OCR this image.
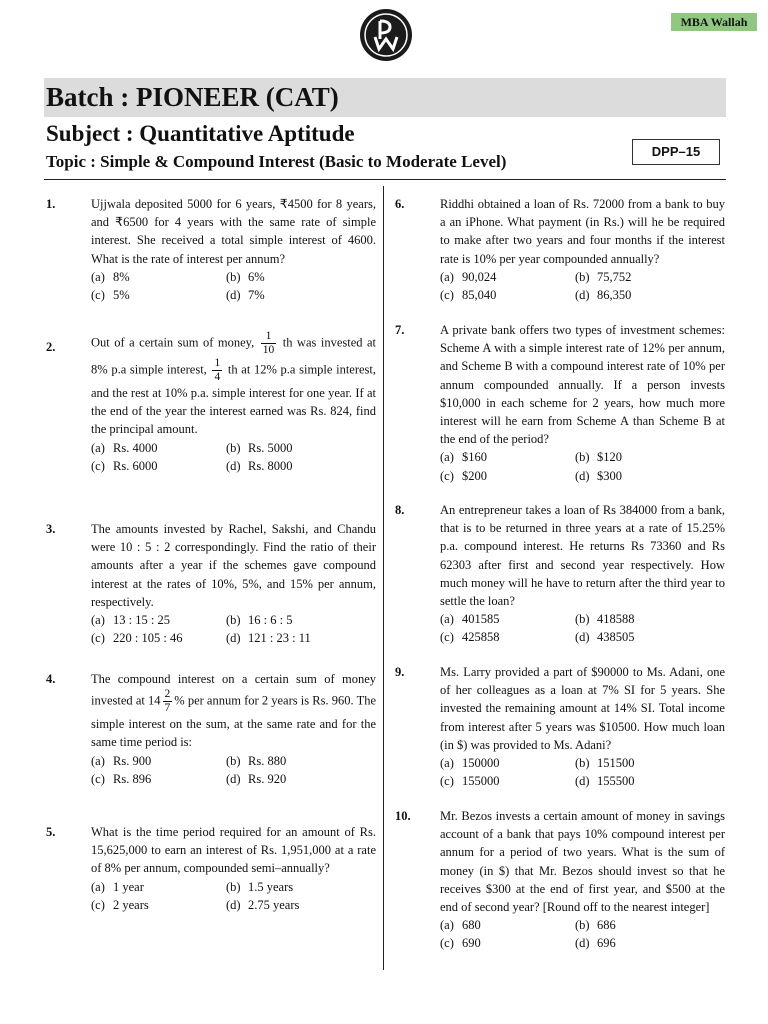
MBA Wallah
Batch : PIONEER (CAT)
Subject : Quantitative Aptitude
Topic : Simple & Compound Interest (Basic to Moderate Level)
DPP–15
1.	Ujjwala deposited 5000 for 6 years, ₹4500 for 8 years, and ₹6500 for 4 years with the same rate of simple interest. She received a total simple interest of 4600. What is the rate of interest per annum?
(a) 8%	(b) 6%
(c) 5%	(d) 7%
2.	Out of a certain sum of money, $\frac{1}{10}$ th was invested at 8% p.a simple interest, $\frac{1}{4}$ th at 12% p.a simple interest, and the rest at 10% p.a. simple interest for one year. If at the end of the year the interest earned was Rs. 824, find the principal amount.
(a) Rs. 4000	(b) Rs. 5000
(c) Rs. 6000	(d) Rs. 8000
3.	The amounts invested by Rachel, Sakshi, and Chandu were 10 : 5 : 2 correspondingly. Find the ratio of their amounts after a year if the schemes gave compound interest at the rates of 10%, 5%, and 15% per annum, respectively.
(a) 13 : 15 : 25	(b) 16 : 6 : 5
(c) 220 : 105 : 46	(d) 121 : 23 : 11
4.	The compound interest on a certain sum of money invested at $14 \frac{2}{7}$ % per annum for 2 years is Rs. 960. The simple interest on the sum, at the same rate and for the same time period is:
(a) Rs. 900	(b) Rs. 880
(c) Rs. 896	(d) Rs. 920
5.	What is the time period required for an amount of Rs. 15,625,000 to earn an interest of Rs. 1,951,000 at a rate of 8% per annum, compounded semi–annually?
(a) 1 year	(b) 1.5 years
(c) 2 years	(d) 2.75 years
6.	Riddhi obtained a loan of Rs. 72000 from a bank to buy a an iPhone. What payment (in Rs.) will he be required to make after two years and four months if the interest rate is 10% per year compounded annually?
(a) 90,024	(b) 75,752
(c) 85,040	(d) 86,350
7.	A private bank offers two types of investment schemes: Scheme A with a simple interest rate of 12% per annum, and Scheme B with a compound interest rate of 10% per annum compounded annually. If a person invests $10,000 in each scheme for 2 years, how much more interest will he earn from Scheme A than Scheme B at the end of the period?
(a) $160	(b) $120
(c) $200	(d) $300
8.	An entrepreneur takes a loan of Rs 384000 from a bank, that is to be returned in three years at a rate of 15.25% p.a. compound interest. He returns Rs 73360 and Rs 62303 after first and second year respectively. How much money will he have to return after the third year to settle the loan?
(a) 401585	(b) 418588
(c) 425858	(d) 438505
9.	Ms. Larry provided a part of $90000 to Ms. Adani, one of her colleagues as a loan at 7% SI for 5 years. She invested the remaining amount at 14% SI. Total income from interest after 5 years was $10500. How much loan (in $) was provided to Ms. Adani?
(a) 150000	(b) 151500
(c) 155000	(d) 155500
10. Mr. Bezos invests a certain amount of money in savings account of a bank that pays 10% compound interest per annum for a period of two years. What is the sum of money (in $) that Mr. Bezos should invest so that he receives $300 at the end of first year, and $500 at the end of second year? [Round off to the nearest integer]
(a) 680	(b) 686
(c) 690	(d) 696
